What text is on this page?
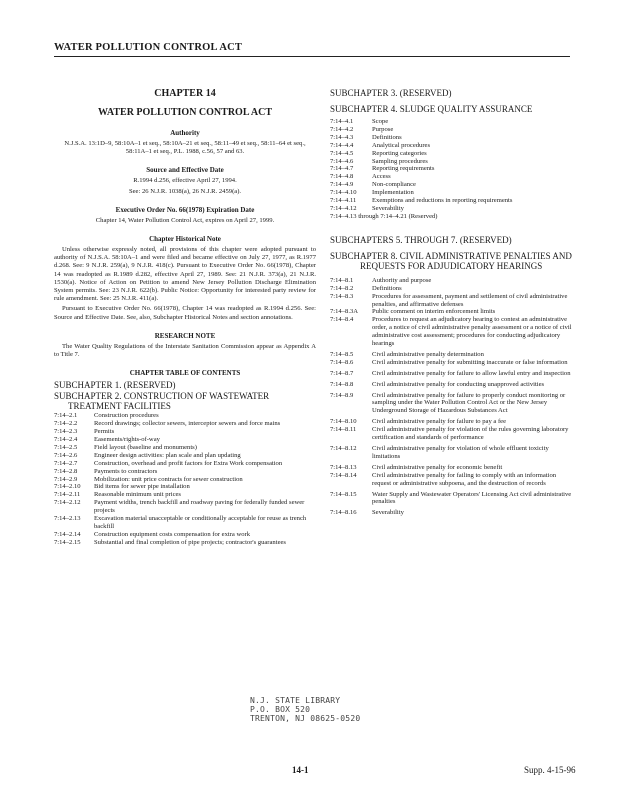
WATER POLLUTION CONTROL ACT

CHAPTER 14

WATER POLLUTION CONTROL ACT

Authority

N.J.S.A. 13:1D–9, 58:10A–1 et seq., 58:10A–21 et seq., 58:11–49 et seq., 58:11–64 et seq., 58:11A–1 et seq., P.L. 1988, c.56, 57 and 63.

Source and Effective Date

R.1994 d.256, effective April 27, 1994.

See: 26 N.J.R. 1038(a), 26 N.J.R. 2459(a).

Executive Order No. 66(1978) Expiration Date

Chapter 14, Water Pollution Control Act, expires on April 27, 1999.

Chapter Historical Note

Unless otherwise expressly noted, all provisions of this chapter were adopted pursuant to authority of N.J.S.A. 58:10A–1 and were filed and became effective on July 27, 1977, as R.1977 d.268. See: 9 N.J.R. 259(a), 9 N.J.R. 418(c). Pursuant to Executive Order No. 66(1978), Chapter 14 was readopted as R.1989 d.282, effective April 27, 1989. See: 21 N.J.R. 373(a), 21 N.J.R. 1530(a). Notice of Action on Petition to amend New Jersey Pollution Discharge Elimination System permits. See: 23 N.J.R. 622(b). Public Notice: Opportunity for interested party review for rule amendment. See: 25 N.J.R. 411(a).

Pursuant to Executive Order No. 66(1978), Chapter 14 was readopted as R.1994 d.256. See: Source and Effective Date. See, also, Subchapter Historical Notes and section annotations.

RESEARCH NOTE

The Water Quality Regulations of the Interstate Sanitation Commission appear as Appendix A to Title 7.

CHAPTER TABLE OF CONTENTS

SUBCHAPTER 1. (RESERVED)
SUBCHAPTER 2. CONSTRUCTION OF WASTEWATER TREATMENT FACILITIES
7:14–2.1	Construction procedures
7:14–2.2	Record drawings; collector sewers, interceptor sewers and force mains
7:14–2.3	Permits
7:14–2.4	Easements/rights-of-way
7:14–2.5	Field layout (baseline and monuments)
7:14–2.6	Engineer design activities: plan scale and plan updating
7:14–2.7	Construction, overhead and profit factors for Extra Work compensation
7:14–2.8	Payments to contractors
7:14–2.9	Mobilization: unit price contracts for sewer construction
7:14–2.10	Bid items for sewer pipe installation
7:14–2.11	Reasonable minimum unit prices
7:14–2.12	Payment widths, trench backfill and roadway paving for federally funded sewer projects
7:14–2.13	Excavation material unacceptable or conditionally acceptable for reuse as trench backfill
7:14–2.14	Construction equipment costs compensation for extra work
7:14–2.15	Substantial and final completion of pipe projects; contractor's guarantees
SUBCHAPTER 3. (RESERVED)
SUBCHAPTER 4. SLUDGE QUALITY ASSURANCE
7:14–4.1	Scope
7:14–4.2	Purpose
7:14–4.3	Definitions
7:14–4.4	Analytical procedures
7:14–4.5	Reporting categories
7:14–4.6	Sampling procedures
7:14–4.7	Reporting requirements
7:14–4.8	Access
7:14–4.9	Non-compliance
7:14–4.10	Implementation
7:14–4.11	Exemptions and reductions in reporting requirements
7:14–4.12	Severability
7:14–4.13 through 7:14–4.21 (Reserved)
SUBCHAPTERS 5. THROUGH 7. (RESERVED)
SUBCHAPTER 8. CIVIL ADMINISTRATIVE PENALTIES AND REQUESTS FOR ADJUDICATORY HEARINGS
7:14–8.1	Authority and purpose
7:14–8.2	Definitions
7:14–8.3	Procedures for assessment, payment and settlement of civil administrative penalties, and affirmative defenses
7:14–8.3A	Public comment on interim enforcement limits
7:14–8.4	Procedures to request an adjudicatory hearing to contest an administrative order, a notice of civil administrative penalty assessment or a notice of civil administrative cost assessment; procedures for conducting adjudicatory hearings
7:14–8.5	Civil administrative penalty determination
7:14–8.6	Civil administrative penalty for submitting inaccurate or false information
7:14–8.7	Civil administrative penalty for failure to allow lawful entry and inspection
7:14–8.8	Civil administrative penalty for conducting unapproved activities
7:14–8.9	Civil administrative penalty for failure to properly conduct monitoring or sampling under the Water Pollution Control Act or the New Jersey Underground Storage of Hazardous Substances Act
7:14–8.10	Civil administrative penalty for failure to pay a fee
7:14–8.11	Civil administrative penalty for violation of the rules governing laboratory certification and standards of performance
7:14–8.12	Civil administrative penalty for violation of whole effluent toxicity limitations
7:14–8.13	Civil administrative penalty for economic benefit
7:14–8.14	Civil administrative penalty for failing to comply with an information request or administrative subpoena, and the destruction of records
7:14–8.15	Water Supply and Wastewater Operators' Licensing Act civil administrative penalties
7:14–8.16	Severability
N.J. STATE LIBRARY
P.O. BOX 520
TRENTON, NJ 08625-0520
14-1	Supp. 4-15-96
